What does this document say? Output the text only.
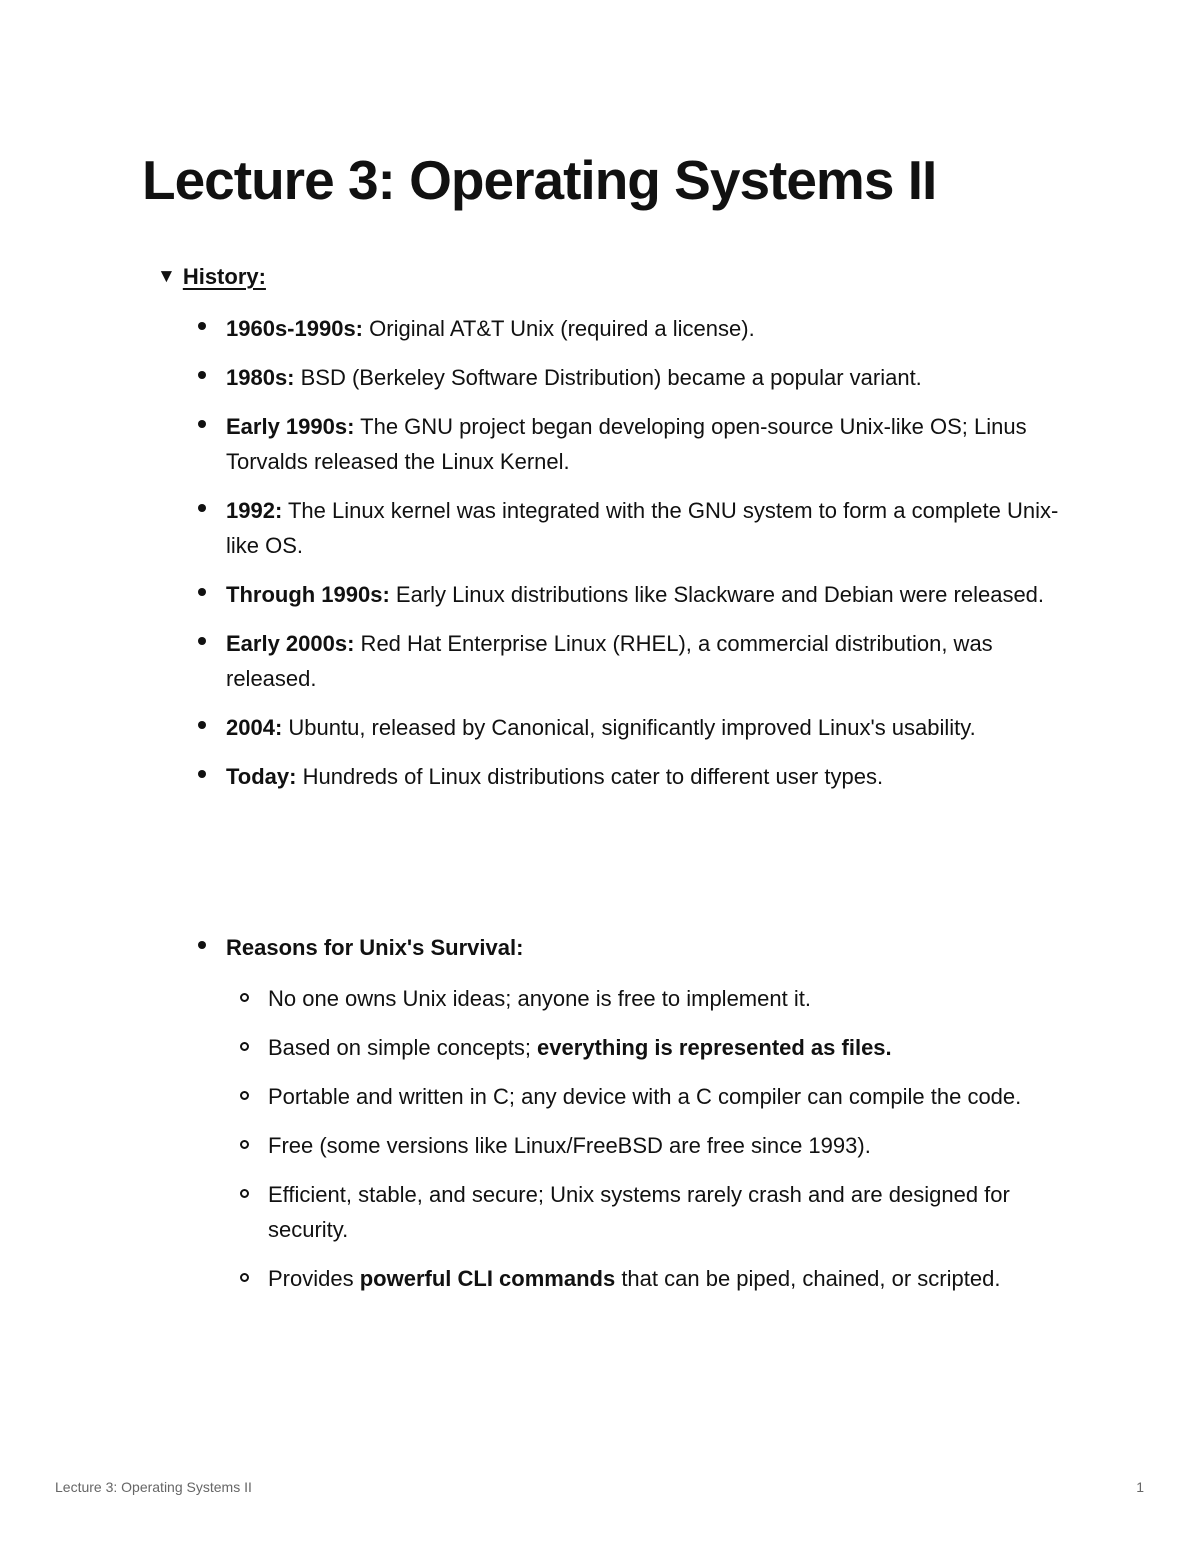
Lecture 3: Operating Systems II
▼ History:
1960s-1990s: Original AT&T Unix (required a license).
1980s: BSD (Berkeley Software Distribution) became a popular variant.
Early 1990s: The GNU project began developing open-source Unix-like OS; Linus Torvalds released the Linux Kernel.
1992: The Linux kernel was integrated with the GNU system to form a complete Unix-like OS.
Through 1990s: Early Linux distributions like Slackware and Debian were released.
Early 2000s: Red Hat Enterprise Linux (RHEL), a commercial distribution, was released.
2004: Ubuntu, released by Canonical, significantly improved Linux's usability.
Today: Hundreds of Linux distributions cater to different user types.
Reasons for Unix's Survival:
No one owns Unix ideas; anyone is free to implement it.
Based on simple concepts; everything is represented as files.
Portable and written in C; any device with a C compiler can compile the code.
Free (some versions like Linux/FreeBSD are free since 1993).
Efficient, stable, and secure; Unix systems rarely crash and are designed for security.
Provides powerful CLI commands that can be piped, chained, or scripted.
Lecture 3: Operating Systems II	1
